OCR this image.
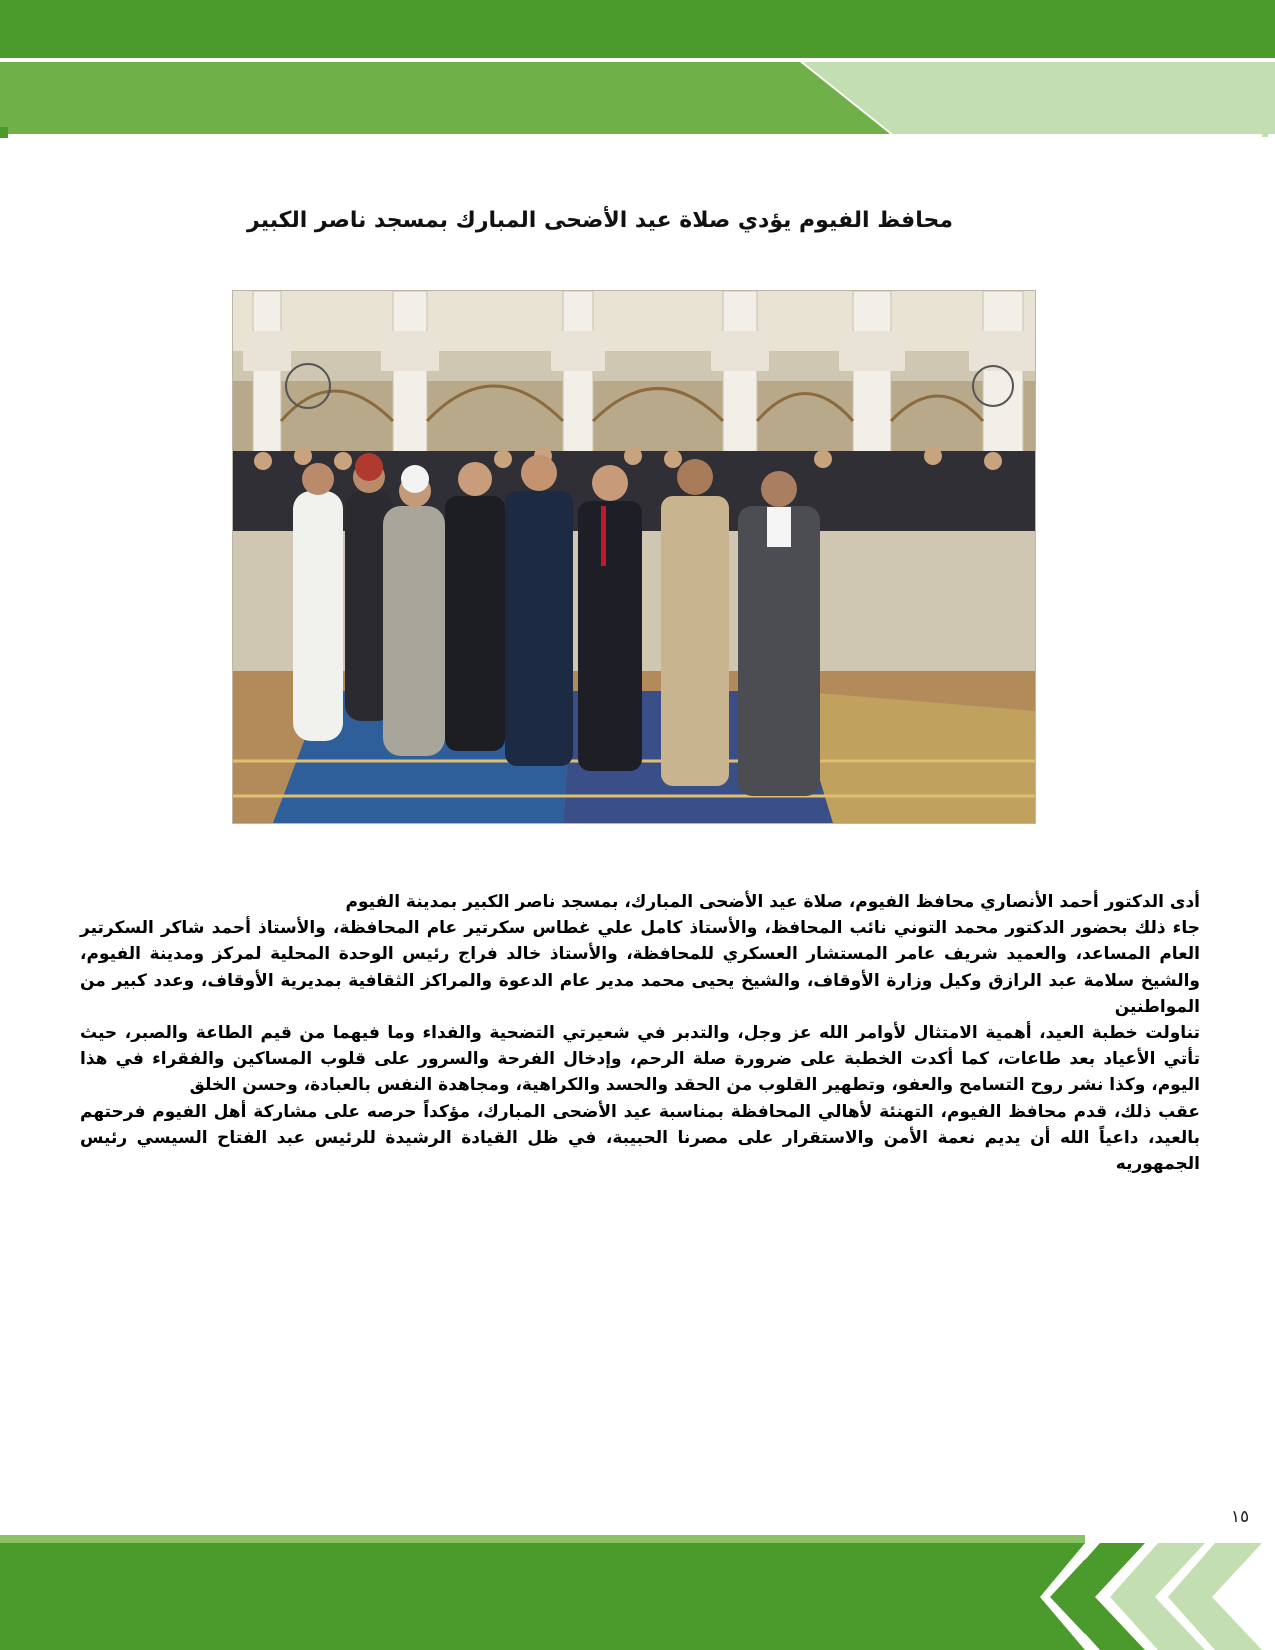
محافظ الفيوم يؤدي صلاة عيد الأضحى المبارك بمسجد ناصر الكبير

أدى الدكتور أحمد الأنصاري محافظ الفيوم، صلاة عيد الأضحى المبارك، بمسجد ناصر الكبير بمدينة الفيوم

جاء ذلك بحضور الدكتور محمد التوني نائب المحافظ، والأستاذ كامل علي غطاس سكرتير عام المحافظة، والأستاذ أحمد شاكر السكرتير العام المساعد، والعميد شريف عامر المستشار العسكري للمحافظة، والأستاذ خالد فراج رئيس الوحدة المحلية لمركز ومدينة الفيوم، والشيخ سلامة عبد الرازق وكيل وزارة الأوقاف، والشيخ يحيى محمد مدير عام الدعوة والمراكز الثقافية بمديرية الأوقاف، وعدد كبير من المواطنين

تناولت خطبة العيد، أهمية الامتثال لأوامر الله عز وجل، والتدبر في شعيرتي التضحية والفداء وما فيهما من قيم الطاعة والصبر، حيث تأتي الأعياد بعد طاعات، كما أكدت الخطبة على ضرورة صلة الرحم، وإدخال الفرحة والسرور على قلوب المساكين والفقراء في هذا اليوم، وكذا نشر روح التسامح والعفو، وتطهير القلوب من الحقد والحسد والكراهية، ومجاهدة النفس بالعبادة، وحسن الخلق

عقب ذلك، قدم محافظ الفيوم، التهنئة لأهالي المحافظة بمناسبة عيد الأضحى المبارك، مؤكداً حرصه على مشاركة أهل الفيوم فرحتهم بالعيد، داعياً الله أن يديم نعمة الأمن والاستقرار على مصرنا الحبيبة، في ظل القيادة الرشيدة للرئيس عبد الفتاح السيسي رئيس الجمهوريه

١٥
